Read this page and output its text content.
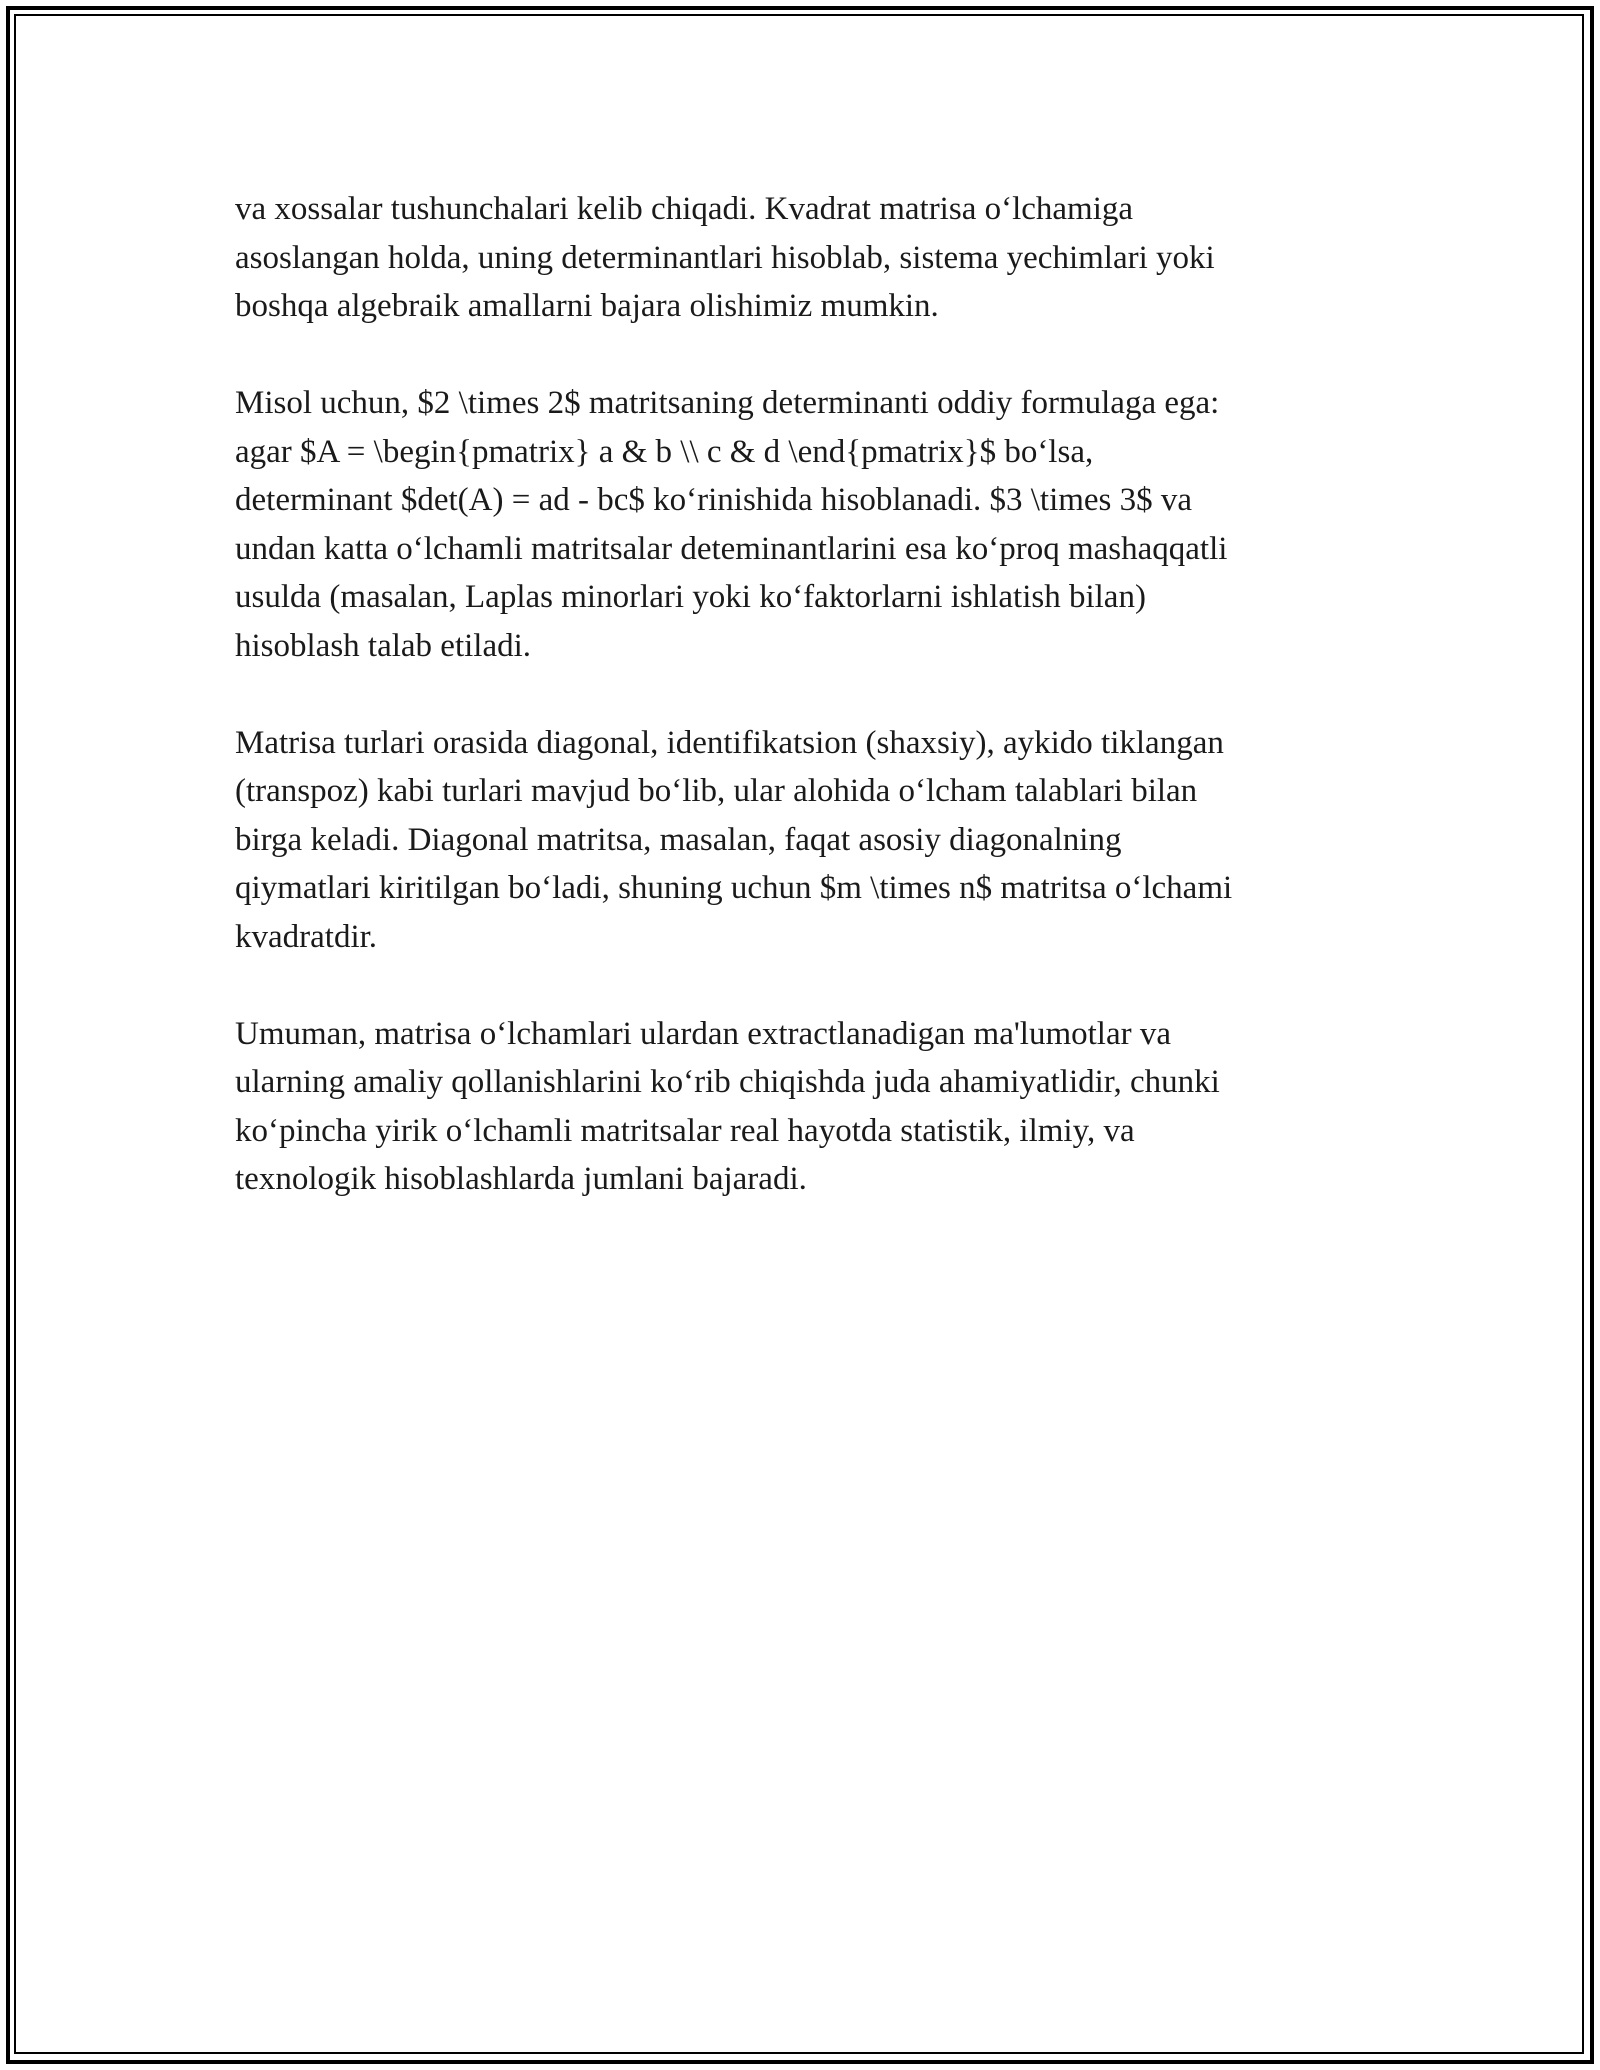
va xossalar tushunchalari kelib chiqadi. Kvadrat matrisa o‘lchamiga
asoslangan holda, uning determinantlari hisoblab, sistema yechimlari yoki
boshqa algebraik amallarni bajara olishimiz mumkin.

Misol uchun, $2 \times 2$ matritsaning determinanti oddiy formulaga ega:
agar $A = \begin{pmatrix} a & b \\ c & d \end{pmatrix}$ bo‘lsa,
determinant $det(A) = ad - bc$ ko‘rinishida hisoblanadi. $3 \times 3$ va
undan katta o‘lchamli matritsalar deteminantlarini esa ko‘proq mashaqqatli
usulda (masalan, Laplas minorlari yoki ko‘faktorlarni ishlatish bilan)
hisoblash talab etiladi.

Matrisa turlari orasida diagonal, identifikatsion (shaxsiy), aykido tiklangan
(transpoz) kabi turlari mavjud bo‘lib, ular alohida o‘lcham talablari bilan
birga keladi. Diagonal matritsa, masalan, faqat asosiy diagonalning
qiymatlari kiritilgan bo‘ladi, shuning uchun $m \times n$ matritsa o‘lchami
kvadratdir.

Umuman, matrisa o‘lchamlari ulardan extractlanadigan ma'lumotlar va
ularning amaliy qollanishlarini ko‘rib chiqishda juda ahamiyatlidir, chunki
ko‘pincha yirik o‘lchamli matritsalar real hayotda statistik, ilmiy, va
texnologik hisoblashlarda jumlani bajaradi.
